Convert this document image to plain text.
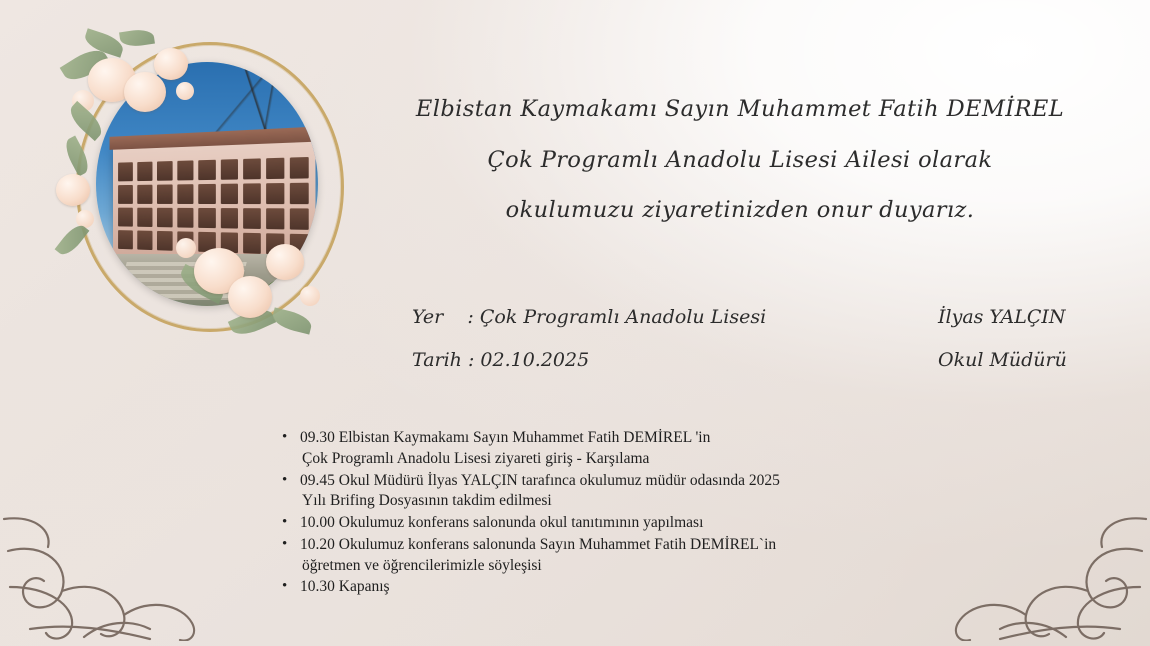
Elbistan Kaymakamı Sayın Muhammet Fatih DEMİREL
Çok Programlı Anadolu Lisesi Ailesi olarak
okulumuzu ziyaretinizden onur duyarız.
Yer    : Çok Programlı Anadolu Lisesi
Tarih : 02.10.2025
İlyas YALÇIN
Okul Müdürü
• 09.30 Elbistan Kaymakamı Sayın Muhammet Fatih DEMİREL 'in
Çok Programlı Anadolu Lisesi ziyareti giriş - Karşılama
• 09.45 Okul Müdürü İlyas YALÇIN tarafınca okulumuz müdür odasında 2025
Yılı Brifing Dosyasının takdim edilmesi
• 10.00 Okulumuz konferans salonunda okul tanıtımının yapılması
• 10.20 Okulumuz konferans salonunda Sayın Muhammet Fatih DEMİREL`in
öğretmen ve öğrencilerimizle söyleşisi
• 10.30 Kapanış
